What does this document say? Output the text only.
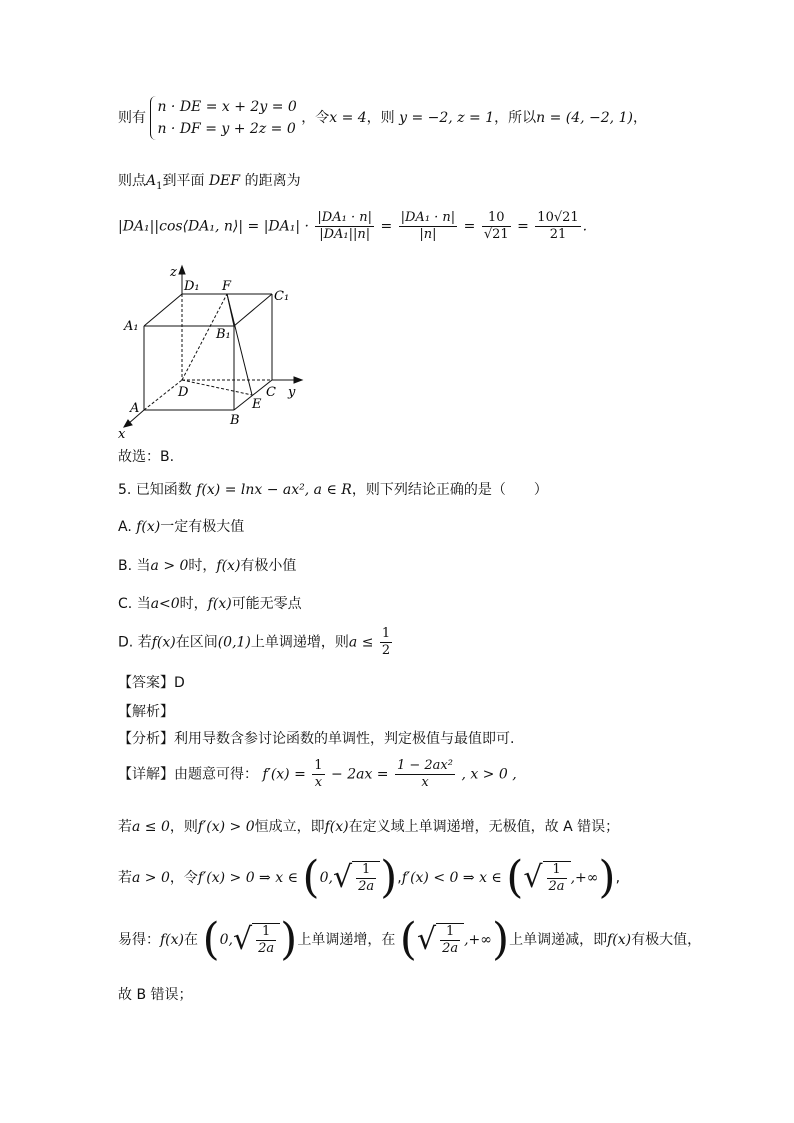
则有
n · DE = x + 2y = 0
n · DF = y + 2z = 0
，令x = 4，则 y = −2, z = 1，所以n = (4, −2, 1)，
则点$A_1$到平面 DEF 的距离为
|DA₁||cos⟨DA₁, n⟩| = $|DA_1| \cdot \frac{\text{|DA₁ · n|}}{\text{|DA₁||n|}} = \frac{\text{|DA₁ · n|}}{|n|} = \frac{10}{√21} = \frac{10√21}{21}$ .
z
D₁ F
C₁
A₁
B₁
D	C y
A	E
B
x
故选：B.
5. 已知函数 f(x) = lnx − ax², a ∈ R，则下列结论正确的是（　　）
A. f(x)一定有极大值
B. 当a > 0时，f(x)有极小值
C. 当a<0时，f(x)可能无零点
D. 若f(x)在区间(0,1)上单调递增，则$a \le \frac{1}{2}$
【答案】D
【解析】
【分析】利用导数含参讨论函数的单调性，判定极值与最值即可.
【详解】由题意可得： $f'(x) = \frac{1}{x} - 2ax = \frac{\text{1 − 2ax²}}{x}$ , x > 0 ,
若a ≤ 0，则f′(x) > 0恒成立，即f(x)在定义域上单调递增，无极值，故 A 错误；
若a > 0，令f′(x) > 0 ⇒ x ∈ $(0,√ \frac{1}{2a} ),f'(x) < 0$ ⇒ x ∈ (√ $\frac{1}{2a}$ ,+∞),
易得：f(x)在 ($0,√ \frac{1}{2a}$ )上单调递增，在 (√ $\frac{1}{2a}$ ,+∞)上单调递减，即f(x)有极大值，
故 B 错误；
